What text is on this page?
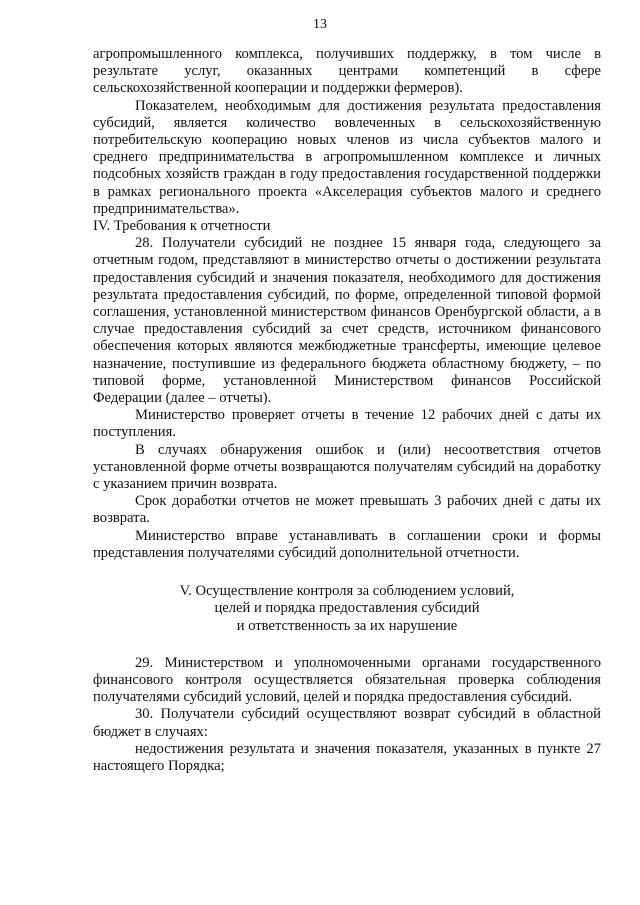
13

агропромышленного комплекса, получивших поддержку, в том числе в результате услуг, оказанных центрами компетенций в сфере сельскохозяйственной кооперации и поддержки фермеров).

Показателем, необходимым для достижения результата предоставления субсидий, является количество вовлеченных в сельскохозяйственную потребительскую кооперацию новых членов из числа субъектов малого и среднего предпринимательства в агропромышленном комплексе и личных подсобных хозяйств граждан в году предоставления государственной поддержки в рамках регионального проекта «Акселерация субъектов малого и среднего предпринимательства».

IV. Требования к отчетности

28. Получатели субсидий не позднее 15 января года, следующего за отчетным годом, представляют в министерство отчеты о достижении результата предоставления субсидий и значения показателя, необходимого для достижения результата предоставления субсидий, по форме, определенной типовой формой соглашения, установленной министерством финансов Оренбургской области, а в случае предоставления субсидий за счет средств, источником финансового обеспечения которых являются межбюджетные трансферты, имеющие целевое назначение, поступившие из федерального бюджета областному бюджету, – по типовой форме, установленной Министерством финансов Российской Федерации (далее – отчеты).

Министерство проверяет отчеты в течение 12 рабочих дней с даты их поступления.

В случаях обнаружения ошибок и (или) несоответствия отчетов установленной форме отчеты возвращаются получателям субсидий на доработку с указанием причин возврата.

Срок доработки отчетов не может превышать 3 рабочих дней с даты их возврата.

Министерство вправе устанавливать в соглашении сроки и формы представления получателями субсидий дополнительной отчетности.

V. Осуществление контроля за соблюдением условий,
целей и порядка предоставления субсидий
и ответственность за их нарушение

29. Министерством и уполномоченными органами государственного финансового контроля осуществляется обязательная проверка соблюдения получателями субсидий условий, целей и порядка предоставления субсидий.

30. Получатели субсидий осуществляют возврат субсидий в областной бюджет в случаях:

недостижения результата и значения показателя, указанных в пункте 27 настоящего Порядка;
